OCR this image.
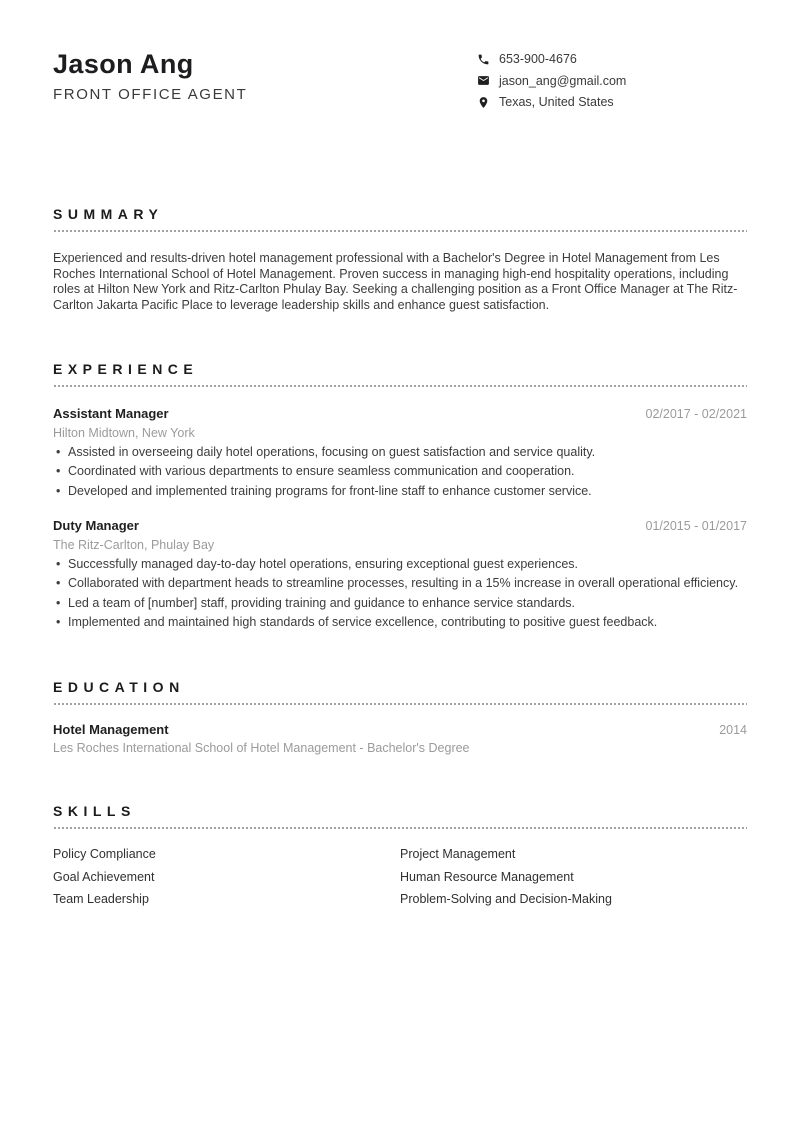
Jason Ang
FRONT OFFICE AGENT
653-900-4676
jason_ang@gmail.com
Texas, United States
SUMMARY

Experienced and results-driven hotel management professional with a Bachelor's Degree in Hotel Management from Les Roches International School of Hotel Management. Proven success in managing high-end hospitality operations, including roles at Hilton New York and Ritz-Carlton Phulay Bay. Seeking a challenging position as a Front Office Manager at The Ritz-Carlton Jakarta Pacific Place to leverage leadership skills and enhance guest satisfaction.

EXPERIENCE
Assistant Manager	02/2017 - 02/2021
Hilton Midtown, New York
• Assisted in overseeing daily hotel operations, focusing on guest satisfaction and service quality.
• Coordinated with various departments to ensure seamless communication and cooperation.
• Developed and implemented training programs for front-line staff to enhance customer service.
Duty Manager	01/2015 - 01/2017
The Ritz-Carlton, Phulay Bay
• Successfully managed day-to-day hotel operations, ensuring exceptional guest experiences.
• Collaborated with department heads to streamline processes, resulting in a 15% increase in overall operational efficiency.
• Led a team of [number] staff, providing training and guidance to enhance service standards.
• Implemented and maintained high standards of service excellence, contributing to positive guest feedback.
EDUCATION
Hotel Management	2014
Les Roches International School of Hotel Management - Bachelor's Degree
SKILLS
Policy Compliance	Project Management
Goal Achievement	Human Resource Management
Team Leadership	Problem-Solving and Decision-Making
